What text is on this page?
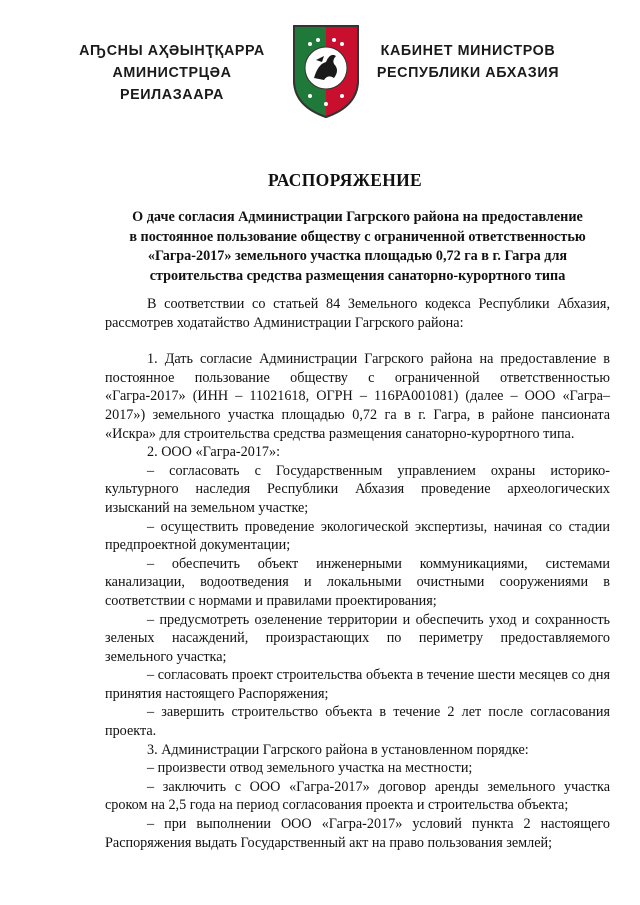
АҦСНЫ АҲӘЫНҬҚАРРА
АМИНИСТРЦӘА РЕИЛАЗААРА
КАБИНЕТ МИНИСТРОВ
РЕСПУБЛИКИ АБХАЗИЯ
РАСПОРЯЖЕНИЕ
О даче согласия Администрации Гагрского района на предоставление
в постоянное пользование обществу с ограниченной ответственностью
«Гагра-2017» земельного участка площадью 0,72 га в г. Гагра для
строительства средства размещения санаторно-курортного типа

В соответствии со статьей 84 Земельного кодекса Республики Абхазия, рассмотрев ходатайство Администрации Гагрского района:

1. Дать согласие Администрации Гагрского района на предоставление в постоянное пользование обществу с ограниченной ответственностью «Гагра-2017» (ИНН – 11021618, ОГРН – 116РА001081) (далее – ООО «Гагра–2017») земельного участка площадью 0,72 га в г. Гагра, в районе пансионата «Искра» для строительства средства размещения санаторно-курортного типа.

2. ООО «Гагра-2017»:

– согласовать с Государственным управлением охраны историко-культурного наследия Республики Абхазия проведение археологических изысканий на земельном участке;

– осуществить проведение экологической экспертизы, начиная со стадии предпроектной документации;

– обеспечить объект инженерными коммуникациями, системами канализации, водоотведения и локальными очистными сооружениями в соответствии с нормами и правилами проектирования;

– предусмотреть озеленение территории и обеспечить уход и сохранность зеленых насаждений, произрастающих по периметру предоставляемого земельного участка;

– согласовать проект строительства объекта в течение шести месяцев со дня принятия настоящего Распоряжения;

– завершить строительство объекта в течение 2 лет после согласования проекта.

3. Администрации Гагрского района в установленном порядке:

– произвести отвод земельного участка на местности;

– заключить с ООО «Гагра-2017» договор аренды земельного участка сроком на 2,5 года на период согласования проекта и строительства объекта;

– при выполнении ООО «Гагра-2017» условий пункта 2 настоящего Распоряжения выдать Государственный акт на право пользования землей;
